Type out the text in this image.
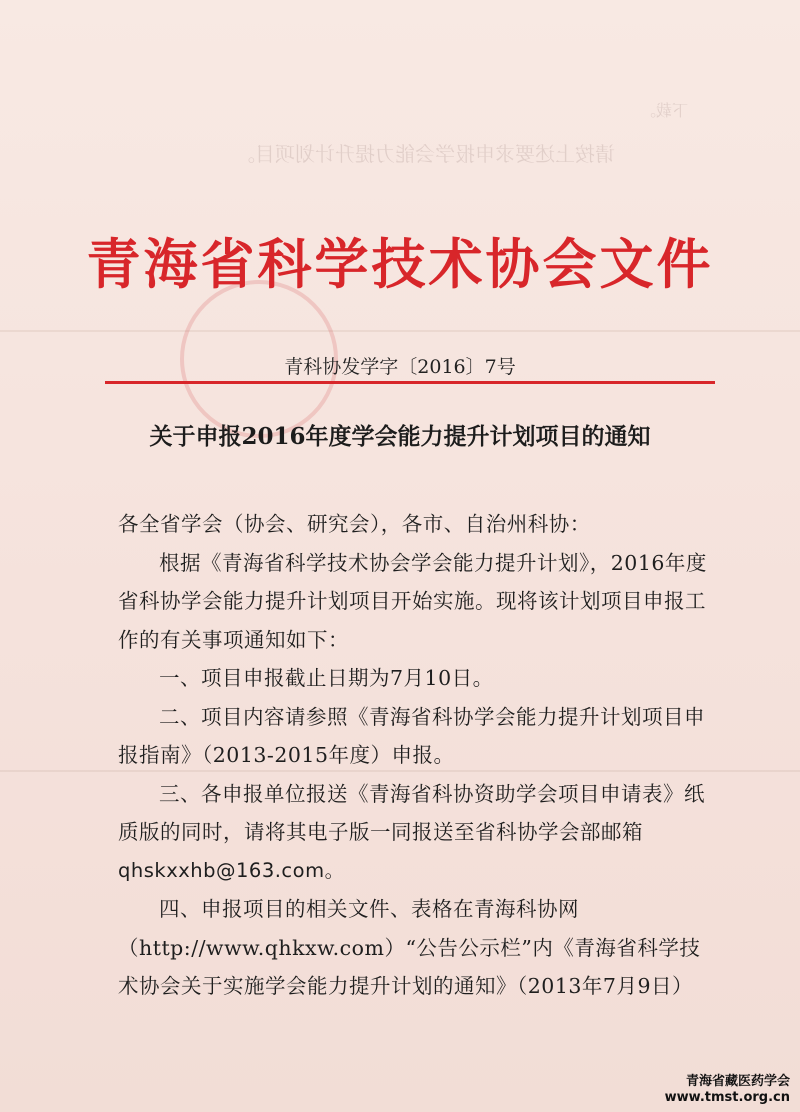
下载。
请按上述要求申报学会能力提升计划项目。
青海省科学技术协会文件
青科协发学字〔2016〕7号
关于申报2016年度学会能力提升计划项目的通知

各全省学会（协会、研究会），各市、自治州科协：

根据《青海省科学技术协会学会能力提升计划》，2016年度省科协学会能力提升计划项目开始实施。现将该计划项目申报工作的有关事项通知如下：

一、项目申报截止日期为7月10日。

二、项目内容请参照《青海省科协学会能力提升计划项目申报指南》（2013-2015年度）申报。

三、各申报单位报送《青海省科协资助学会项目申请表》纸质版的同时，请将其电子版一同报送至省科协学会部邮箱

qhskxxhb@163.com。

四、申报项目的相关文件、表格在青海科协网（http://www.qhkxw.com）“公告公示栏”内《青海省科学技术协会关于实施学会能力提升计划的通知》（2013年7月9日）

青海省藏医药学会
www.tmst.org.cn
